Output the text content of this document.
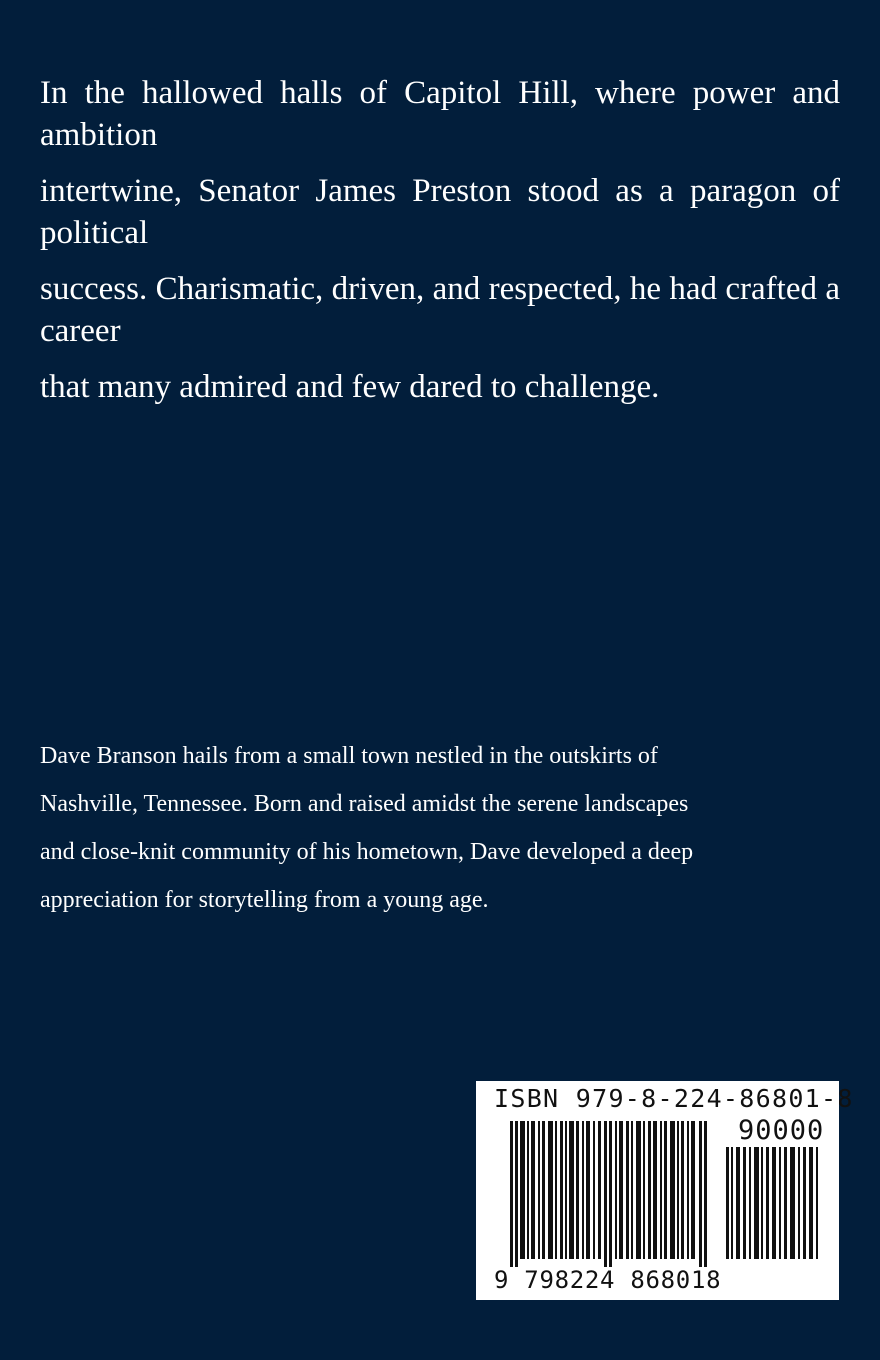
In the hallowed halls of Capitol Hill, where power and ambition

intertwine, Senator James Preston stood as a paragon of political

success. Charismatic, driven, and respected, he had crafted a career

that many admired and few dared to challenge.

Dave Branson hails from a small town nestled in the outskirts of Nashville, Tennessee. Born and raised amidst the serene landscapes and close-knit community of his hometown, Dave developed a deep appreciation for storytelling from a young age.

ISBN 979-8-224-86801-8
90000
9 798224 868018
